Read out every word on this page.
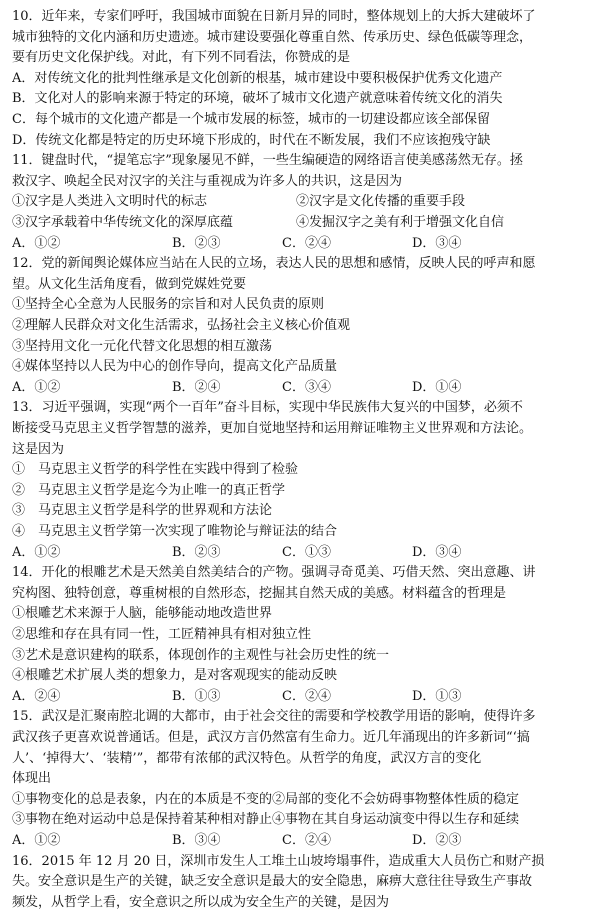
10．近年来，专家们呼吁，我国城市面貌在日新月异的同时，整体规划上的大拆大建破坏了
城市独特的文化内涵和历史遗迹。城市建设要强化尊重自然、传承历史、绿色低碳等理念，
要有历史文化保护线。对此，有下列不同看法，你赞成的是
A．对传统文化的批判性继承是文化创新的根基，城市建设中要积极保护优秀文化遗产
B．文化对人的影响来源于特定的环境，破坏了城市文化遗产就意味着传统文化的消失
C．每个城市的文化遗产都是一个城市发展的标签，城市的一切建设都应该全部保留
D．传统文化都是特定的历史环境下形成的，时代在不断发展，我们不应该抱残守缺
11．键盘时代，“提笔忘字”现象屡见不鲜，一些生编硬造的网络语言使美感荡然无存。拯
救汉字、唤起全民对汉字的关注与重视成为许多人的共识，这是因为
①汉字是人类进入文明时代的标志	②汉字是文化传播的重要手段
③汉字承载着中华传统文化的深厚底蕴	④发掘汉字之美有利于增强文化自信
A．①②	B．②③	C．②④	D．③④
12．党的新闻舆论媒体应当站在人民的立场，表达人民的思想和感情，反映人民的呼声和愿
望。从文化生活角度看，做到党媒姓党要
①坚持全心全意为人民服务的宗旨和对人民负责的原则
②理解人民群众对文化生活需求，弘扬社会主义核心价值观
③坚持用文化一元化代替文化思想的相互激荡
④媒体坚持以人民为中心的创作导向，提高文化产品质量
A．①②	B．②④	C．③④	D．①④
13．习近平强调，实现“两个一百年”奋斗目标，实现中华民族伟大复兴的中国梦，必须不
断接受马克思主义哲学智慧的滋养，更加自觉地坚持和运用辩证唯物主义世界观和方法论。
这是因为
①　马克思主义哲学的科学性在实践中得到了检验
②　马克思主义哲学是迄今为止唯一的真正哲学
③　马克思主义哲学是科学的世界观和方法论
④　马克思主义哲学第一次实现了唯物论与辩证法的结合
A．①②	B．②③	C．①③	D．③④
14．开化的根雕艺术是天然美自然美结合的产物。强调寻奇觅美、巧借天然、突出意趣、讲
究构图、独特创意，尊重树根的自然形态，挖掘其自然天成的美感。材料蕴含的哲理是
①根雕艺术来源于人脑，能够能动地改造世界
②思维和存在具有同一性，工匠精神具有相对独立性
③艺术是意识建构的联系，体现创作的主观性与社会历史性的统一
④根雕艺术扩展人类的想象力，是对客观现实的能动反映
A．②④	B．①③	C．②④	D．①③
15．武汉是汇聚南腔北调的大都市，由于社会交往的需要和学校教学用语的影响，使得许多
武汉孩子更喜欢说普通话。但是，武汉方言仍然富有生命力。近几年涌现出的许多新词“‘搞
人’、‘掉得大’、‘装精’”，都带有浓郁的武汉特色。从哲学的角度，武汉方言的变化
体现出
①事物变化的总是表象，内在的本质是不变的②局部的变化不会妨碍事物整体性质的稳定
③事物在绝对运动中总是保持着某种相对静止④事物在其自身运动演变中得以生存和延续
A．①②	B．③④	C．②④	D．②③
16．2015 年 12 月 20 日，深圳市发生人工堆土山坡垮塌事件，造成重大人员伤亡和财产损
失。安全意识是生产的关键，缺乏安全意识是最大的安全隐患，麻痹大意往往导致生产事故
频发，从哲学上看，安全意识之所以成为安全生产的关键，是因为
